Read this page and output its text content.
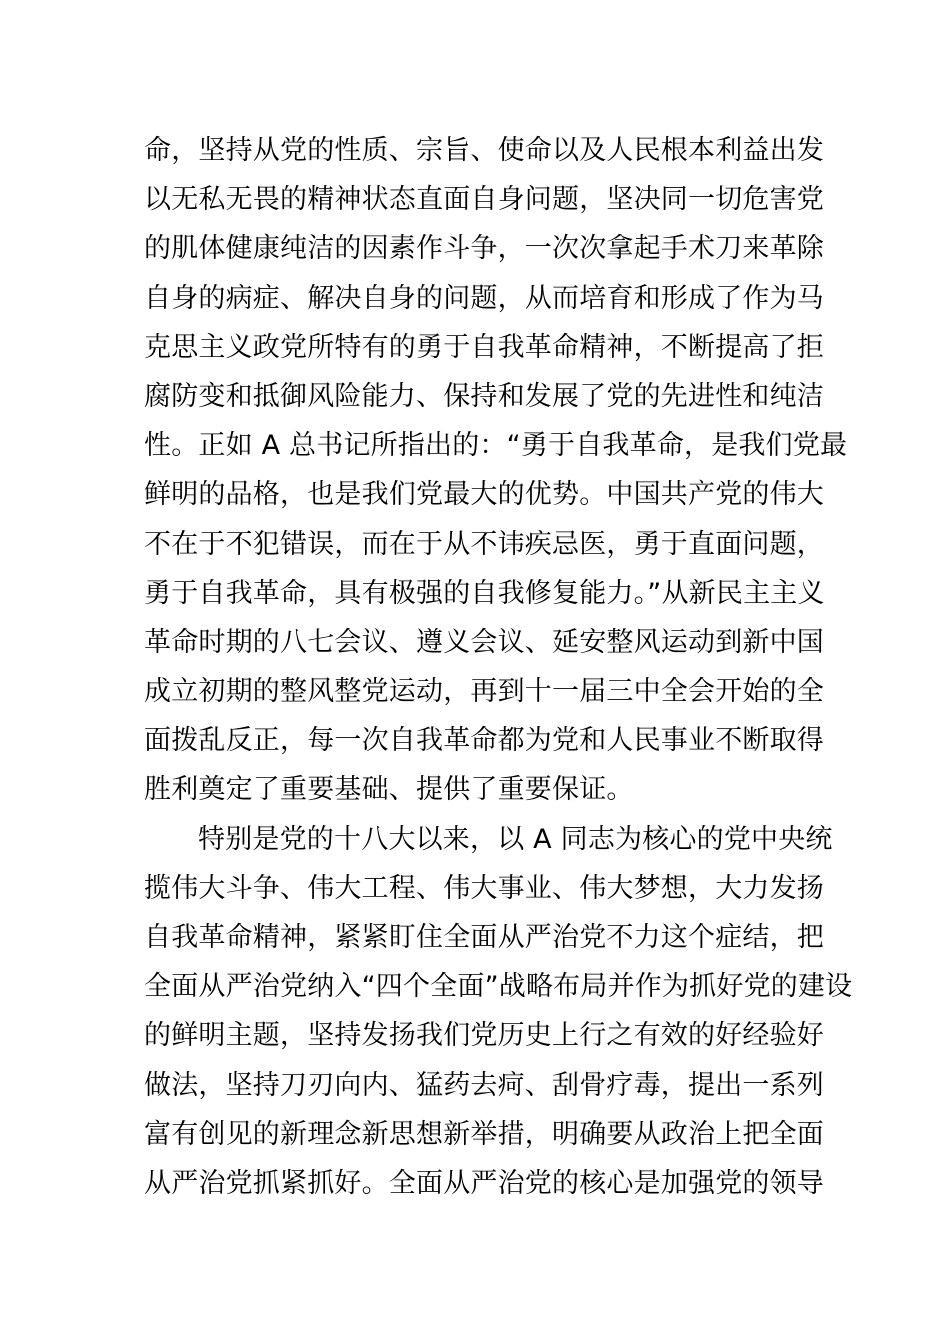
命，坚持从党的性质、宗旨、使命以及人民根本利益出发
以无私无畏的精神状态直面自身问题，坚决同一切危害党
的肌体健康纯洁的因素作斗争，一次次拿起手术刀来革除
自身的病症、解决自身的问题，从而培育和形成了作为马
克思主义政党所特有的勇于自我革命精神，不断提高了拒
腐防变和抵御风险能力、保持和发展了党的先进性和纯洁
性。正如 A 总书记所指出的：“勇于自我革命，是我们党最
鲜明的品格，也是我们党最大的优势。中国共产党的伟大
不在于不犯错误，而在于从不讳疾忌医，勇于直面问题，
勇于自我革命，具有极强的自我修复能力。”从新民主主义
革命时期的八七会议、遵义会议、延安整风运动到新中国
成立初期的整风整党运动，再到十一届三中全会开始的全
面拨乱反正，每一次自我革命都为党和人民事业不断取得
胜利奠定了重要基础、提供了重要保证。
特别是党的十八大以来，以 A 同志为核心的党中央统
揽伟大斗争、伟大工程、伟大事业、伟大梦想，大力发扬
自我革命精神，紧紧盯住全面从严治党不力这个症结，把
全面从严治党纳入“四个全面”战略布局并作为抓好党的建设
的鲜明主题，坚持发扬我们党历史上行之有效的好经验好
做法，坚持刀刃向内、猛药去疴、刮骨疗毒，提出一系列
富有创见的新理念新思想新举措，明确要从政治上把全面
从严治党抓紧抓好。全面从严治党的核心是加强党的领导
